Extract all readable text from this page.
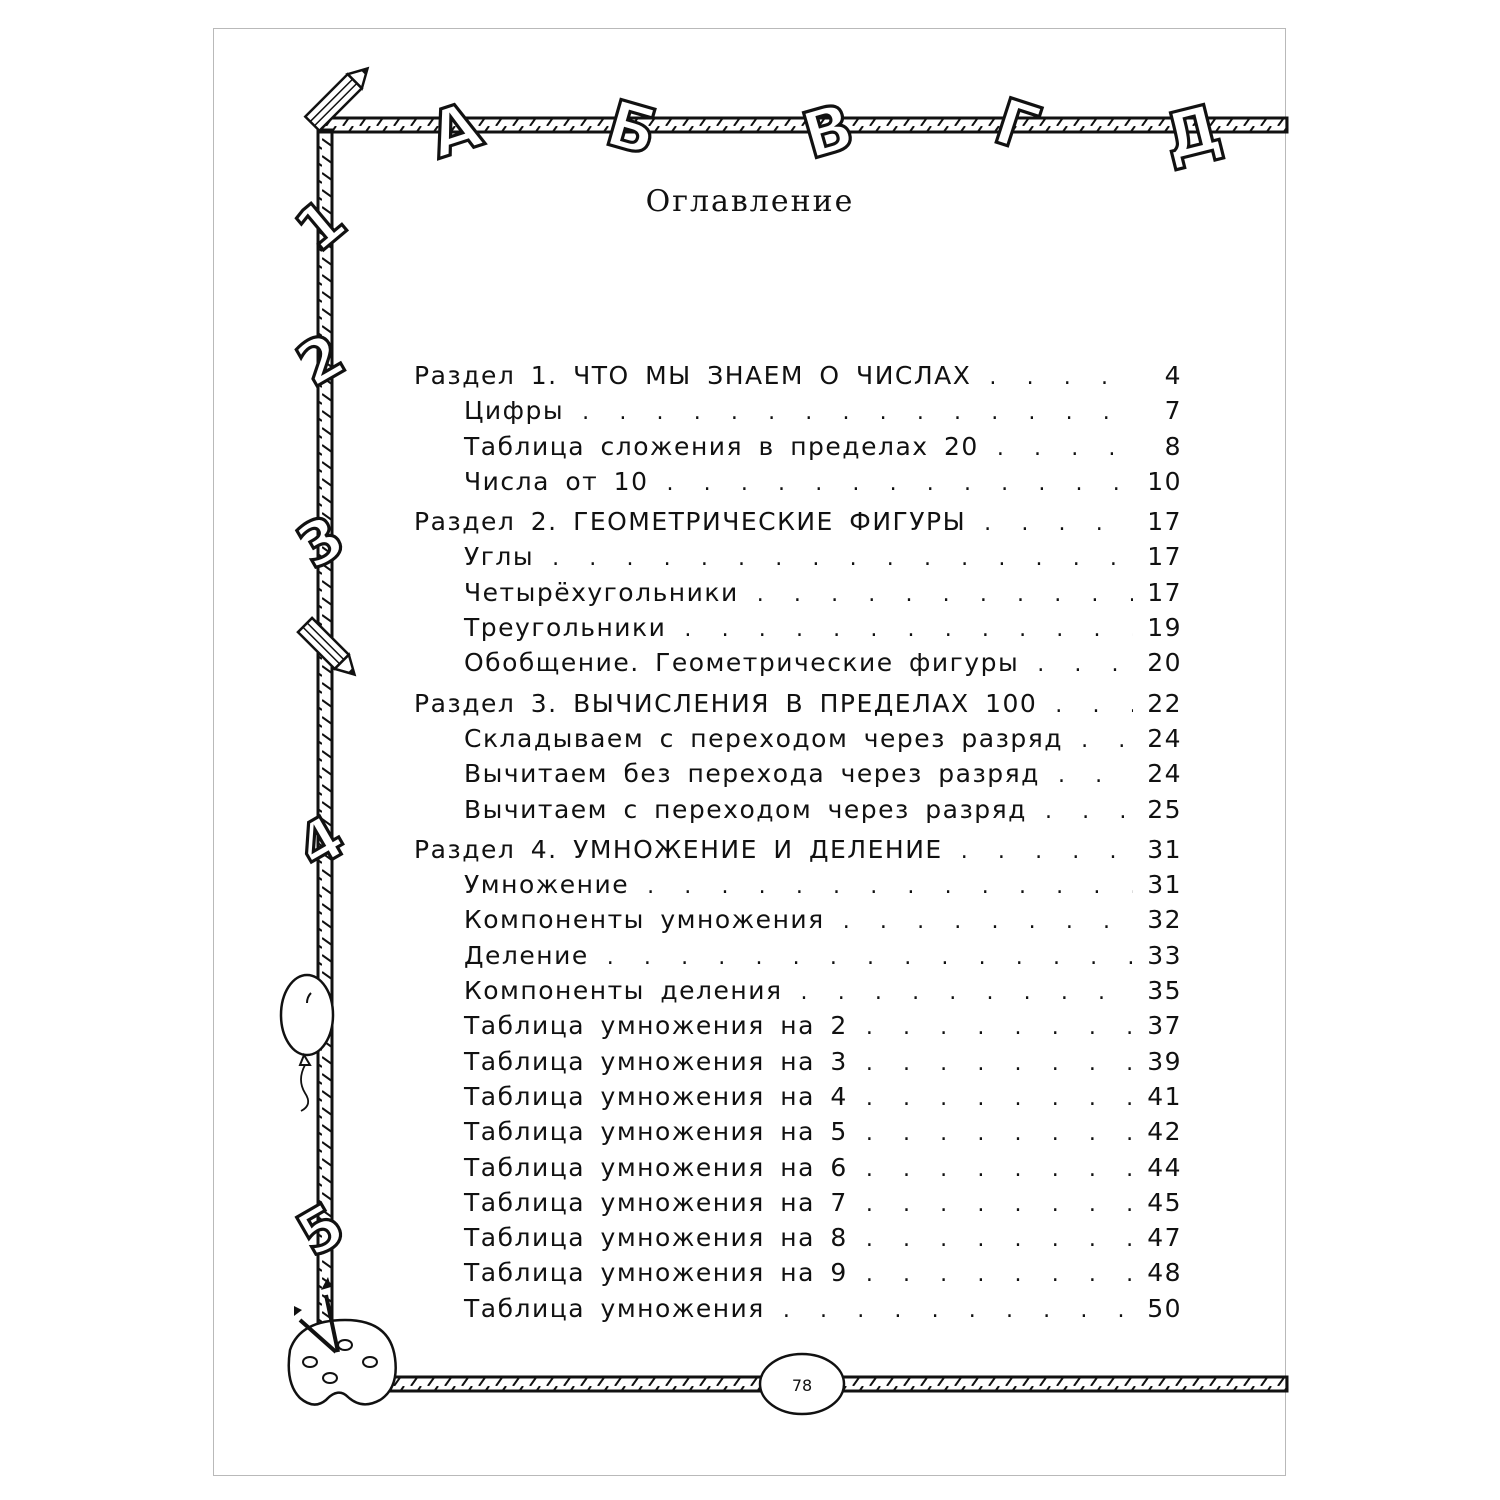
А Б В Г Д
1
2
3
4
5
Оглавление
Раздел 1. ЧТО МЫ ЗНАЕМ О ЧИСЛАХ . . .	4
Цифры . . .	7
Таблица сложения в пределах 20 . . .	8
Числа от 10 . . .	10
Раздел 2. ГЕОМЕТРИЧЕСКИЕ ФИГУРЫ . . .	17
Углы . . .	17
Четырёхугольники . . .	17
Треугольники . . .	19
Обобщение. Геометрические фигуры . . .	20
Раздел 3. ВЫЧИСЛЕНИЯ В ПРЕДЕЛАХ 100 . . .	22
Складываем с переходом через разряд . . .	24
Вычитаем без перехода через разряд . . .	24
Вычитаем с переходом через разряд . . .	25
Раздел 4. УМНОЖЕНИЕ И ДЕЛЕНИЕ . . .	31
Умножение . . .	31
Компоненты умножения . . .	32
Деление . . .	33
Компоненты деления . . .	35
Таблица умножения на 2 . . .	37
Таблица умножения на 3 . . .	39
Таблица умножения на 4 . . .	41
Таблица умножения на 5 . . .	42
Таблица умножения на 6 . . .	44
Таблица умножения на 7 . . .	45
Таблица умножения на 8 . . .	47
Таблица умножения на 9 . . .	48
Таблица умножения . . .	50
78
